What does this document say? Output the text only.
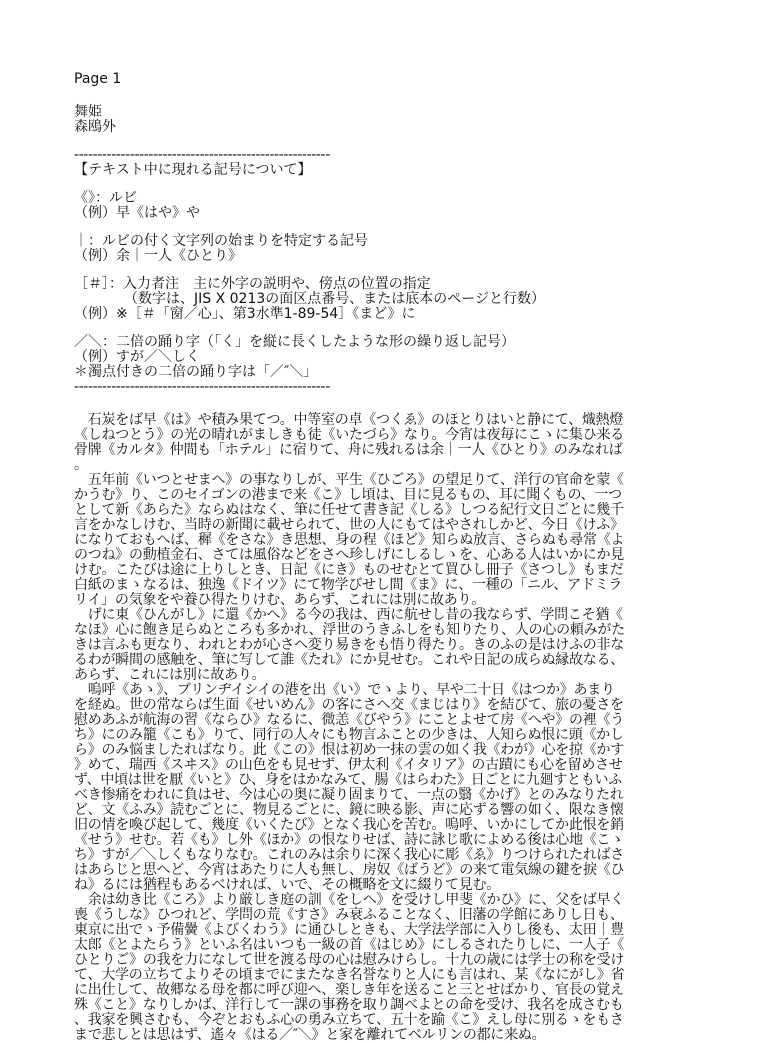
Page 1
舞姫
森鴎外
-------------------------------------------------------
【テキスト中に現れる記号について】
《》：ルビ
（例）早《はや》や
｜：ルビの付く文字列の始まりを特定する記号
（例）余｜一人《ひとり》
［＃］：入力者注　主に外字の説明や、傍点の位置の指定
（数字は、JIS X 0213の面区点番号、または底本のページと行数）
（例）※［＃「窗／心」、第3水準1-89-54］《まど》に
／＼：二倍の踊り字（「く」を縦に長くしたような形の繰り返し記号）
（例）すが／＼しく
＊濁点付きの二倍の踊り字は「／″＼」
-------------------------------------------------------
　石炭をば早《は》や積み果てつ。中等室の卓《つくゑ》のほとりはいと静にて、熾熱燈
《しねつとう》の光の晴れがましきも徒《いたづら》なり。今宵は夜毎にこゝに集ひ来る
骨牌《カルタ》仲間も「ホテル」に宿りて、舟に残れるは余｜一人《ひとり》のみなれば
。
　五年前《いつとせまへ》の事なりしが、平生《ひごろ》の望足りて、洋行の官命を蒙《
かうむ》り、このセイゴンの港まで来《こ》し頃は、目に見るもの、耳に聞くもの、一つ
として新《あらた》ならぬはなく、筆に任せて書き記《しる》しつる紀行文日ごとに幾千
言をかなしけむ、当時の新聞に載せられて、世の人にもてはやされしかど、今日《けふ》
になりておもへば、穉《をさな》き思想、身の程《ほど》知らぬ放言、さらぬも尋常《よ
のつね》の動植金石、さては風俗などをさへ珍しげにしるしゝを、心ある人はいかにか見
けむ。こたびは途に上りしとき、日記《にき》ものせむとて買ひし冊子《さつし》もまだ
白紙のまゝなるは、独逸《ドイツ》にて物学びせし間《ま》に、一種の「ニル、アドミラ
リイ」の気象をや養ひ得たりけむ、あらず、これには別に故あり。
　げに東《ひんがし》に還《かへ》る今の我は、西に航せし昔の我ならず、学問こそ猶《
なほ》心に飽き足らぬところも多かれ、浮世のうきふしをも知りたり、人の心の頼みがた
きは言ふも更なり、われとわが心さへ変り易きをも悟り得たり。きのふの是はけふの非な
るわが瞬間の感触を、筆に写して誰《たれ》にか見せむ。これや日記の成らぬ縁故なる、
あらず、これには別に故あり。
　嗚呼《あゝ》、ブリンヂイシイの港を出《い》でゝより、早や二十日《はつか》あまり
を経ぬ。世の常ならば生面《せいめん》の客にさへ交《まじはり》を結びて、旅の憂さを
慰めあふが航海の習《ならひ》なるに、微恙《びやう》にことよせて房《へや》の裡《う
ち》にのみ籠《こも》りて、同行の人々にも物言ふことの少きは、人知らぬ恨に頭《かし
ら》のみ悩ましたればなり。此《この》恨は初め一抹の雲の如く我《わが》心を掠《かす
》めて、瑞西《スヰス》の山色をも見せず、伊太利《イタリア》の古蹟にも心を留めさせ
ず、中頃は世を厭《いと》ひ、身をはかなみて、腸《はらわた》日ごとに九廻すともいふ
べき惨痛をわれに負はせ、今は心の奥に凝り固まりて、一点の翳《かげ》とのみなりたれ
ど、文《ふみ》読むごとに、物見るごとに、鏡に映る影、声に応ずる響の如く、限なき懐
旧の情を喚び起して、幾度《いくたび》となく我心を苦む。嗚呼、いかにしてか此恨を銷
《せう》せむ。若《も》し外《ほか》の恨なりせば、詩に詠じ歌によめる後は心地《こゝ
ち》すが／＼しくもなりなむ。これのみは余りに深く我心に彫《ゑ》りつけられたればさ
はあらじと思へど、今宵はあたりに人も無し、房奴《ばうど》の来て電気線の鍵を捩《ひ
ね》るには猶程もあるべければ、いで、その概略を文に綴りて見む。
　余は幼き比《ころ》より厳しき庭の訓《をしへ》を受けし甲斐《かひ》に、父をば早く
喪《うしな》ひつれど、学問の荒《すさ》み衰ふることなく、旧藩の学館にありし日も、
東京に出でゝ予備黌《よびくわう》に通ひしときも、大学法学部に入りし後も、太田｜豊
太郎《とよたらう》といふ名はいつも一級の首《はじめ》にしるされたりしに、一人子《
ひとりご》の我を力になして世を渡る母の心は慰みけらし。十九の歳には学士の称を受け
て、大学の立ちてよりその頃までにまたなき名誉なりと人にも言はれ、某《なにがし》省
に出仕して、故郷なる母を都に呼び迎へ、楽しき年を送ること三とせばかり、官長の覚え
殊《こと》なりしかば、洋行して一課の事務を取り調べよとの命を受け、我名を成さむも
、我家を興さむも、今ぞとおもふ心の勇み立ちて、五十を踰《こ》えし母に別るゝをもさ
まで悲しとは思はず、遙々《はる／″＼》と家を離れてベルリンの都に来ぬ。
